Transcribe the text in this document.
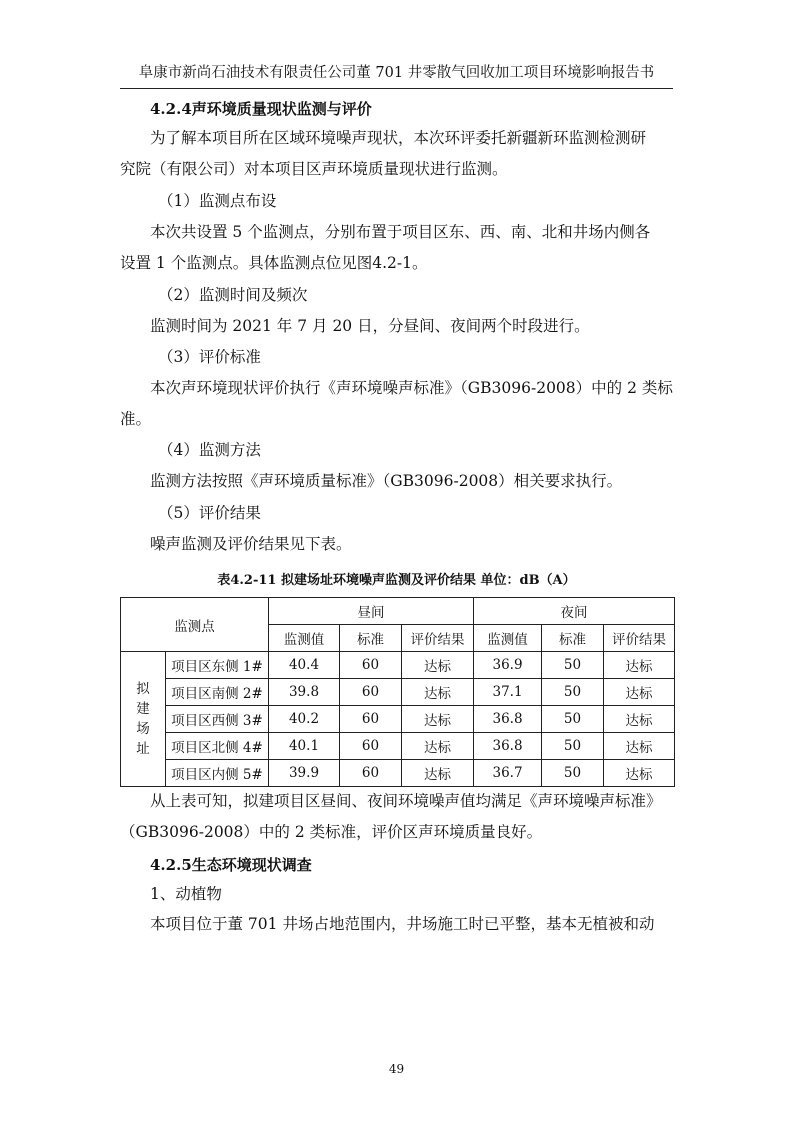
阜康市新尚石油技术有限责任公司董 701 井零散气回收加工项目环境影响报告书
4.2.4声环境质量现状监测与评价
为了解本项目所在区域环境噪声现状，本次环评委托新疆新环监测检测研
究院（有限公司）对本项目区声环境质量现状进行监测。
（1）监测点布设
本次共设置 5 个监测点，分别布置于项目区东、西、南、北和井场内侧各
设置 1 个监测点。具体监测点位见图4.2-1。
（2）监测时间及频次
监测时间为 2021 年 7 月 20 日，分昼间、夜间两个时段进行。
（3）评价标准
本次声环境现状评价执行《声环境噪声标准》（GB3096-2008）中的 2 类标
准。
（4）监测方法
监测方法按照《声环境质量标准》（GB3096-2008）相关要求执行。
（5）评价结果
噪声监测及评价结果见下表。
表4.2-11 拟建场址环境噪声监测及评价结果 单位：dB（A）
监测点		昼间			夜间		
		监测值	标准	评价结果	监测值	标准	评价结果
拟建场址	项目区东侧 1#	40.4	60	达标	36.9	50	达标
	项目区南侧 2#	39.8	60	达标	37.1	50	达标
	项目区西侧 3#	40.2	60	达标	36.8	50	达标
	项目区北侧 4#	40.1	60	达标	36.8	50	达标
	项目区内侧 5#	39.9	60	达标	36.7	50	达标
从上表可知，拟建项目区昼间、夜间环境噪声值均满足《声环境噪声标准》
（GB3096-2008）中的 2 类标准，评价区声环境质量良好。
4.2.5生态环境现状调查
1、动植物
本项目位于董 701 井场占地范围内，井场施工时已平整，基本无植被和动
49
